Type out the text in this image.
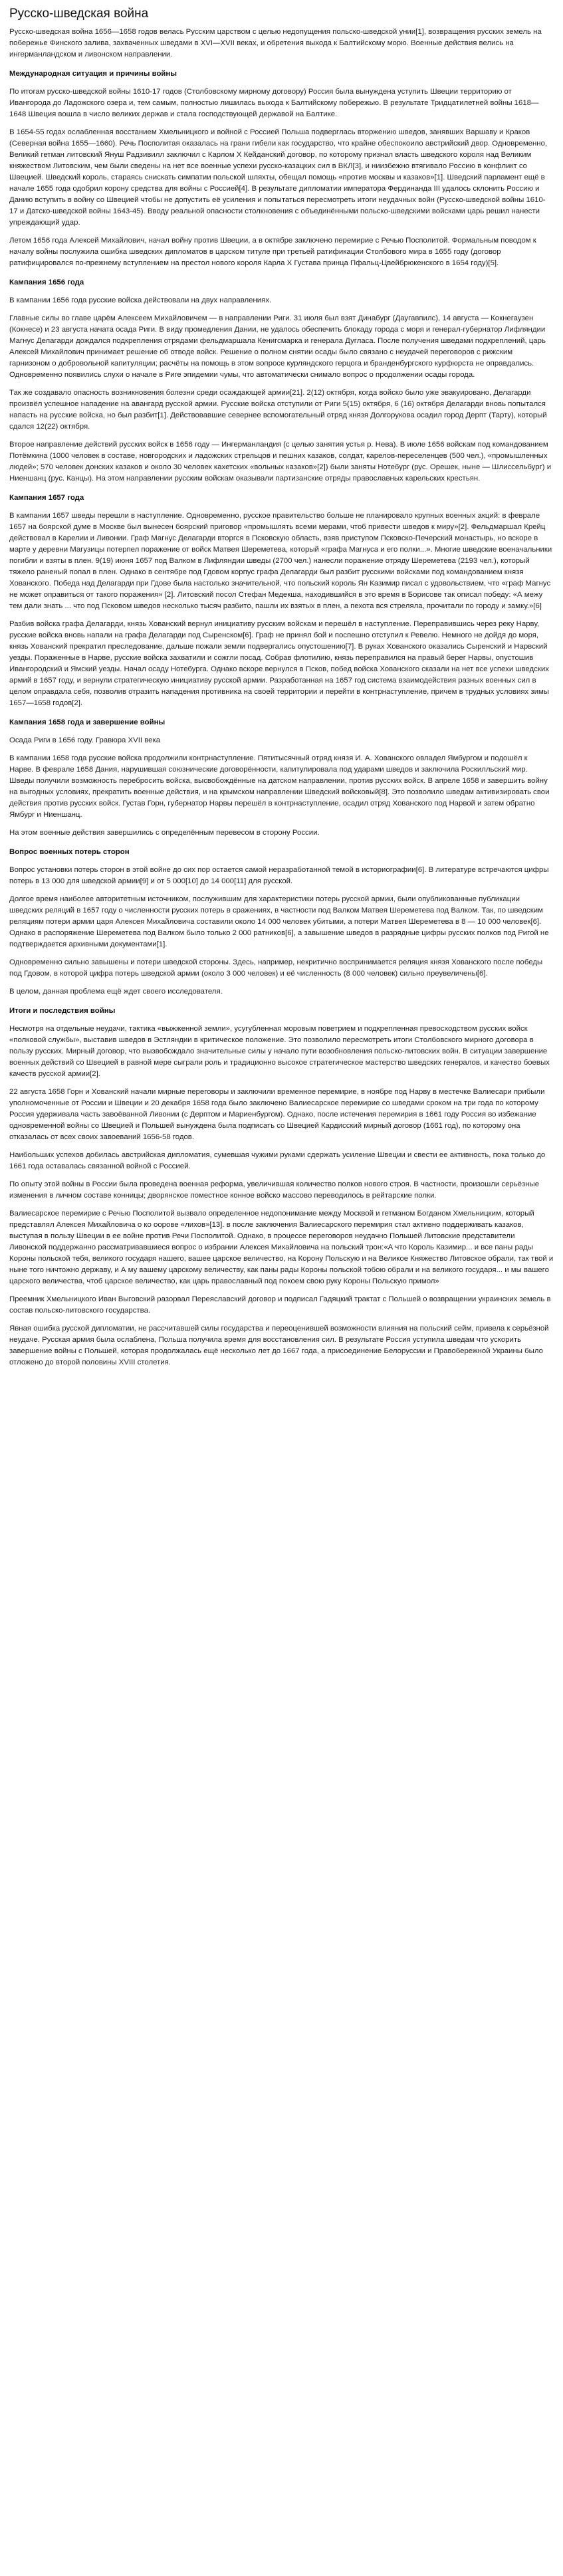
Русско-шведская война

Русско-шведская война 1656—1658 годов велась Русским царством с целью недопущения польско-шведской унии[1], возвращения русских земель на побережье Финского залива, захваченных шведами в XVI—XVII веках, и обретения выхода к Балтийскому морю. Военные действия велись на ингерманландском и ливонском направлении.

Международная ситуация и причины войны

По итогам русско-шведской войны 1610-17 годов (Столбовскому мирному договору) Россия была вынуждена уступить Швеции территорию от Ивангорода до Ладожского озера и, тем самым, полностью лишилась выхода к Балтийскому побережью. В результате Тридцатилетней войны 1618—1648 Швеция вошла в число великих держав и стала господствующей державой на Балтике.

В 1654-55 годах ослабленная восстанием Хмельницкого и войной с Россией Польша подверглась вторжению шведов, занявших Варшаву и Краков (Северная война 1655—1660). Речь Посполитая оказалась на грани гибели как государство, что крайне обеспокоило австрийский двор. Одновременно, Великий гетман литовский Януш Радзивилл заключил с Карлом X Кейданский договор, по которому признал власть шведского короля над Великим княжеством Литовским, чем были сведены на нет все военные успехи русско-казацких сил в ВКЛ[3], и ниизбежно втягивало Россию в конфликт со Швецией. Шведский король, стараясь снискать симпатии польской шляхты, обещал помощь «против москвы и казаков»[1]. Шведский парламент ещё в начале 1655 года одобрил корону средства для войны с Россией[4]. В результате дипломатии императора Фердинанда III удалось склонить Россию и Данию вступить в войну со Швецией чтобы не допустить её усиления и попытаться пересмотреть итоги неудачных войн (Русско-шведской войны 1610-17 и Датско-шведской войны 1643-45). Вводу реальной опасности столкновения с объединёнными польско-шведскими войсками царь решил нанести упреждающий удар.

Летом 1656 года Алексей Михайлович, начал войну против Швеции, а в октябре заключено перемирие с Речью Посполитой. Формальным поводом к началу войны послужила ошибка шведских дипломатов в царском титуле при третьей ратификации Столбового мира в 1655 году (договор ратифицировался по-прежнему вступлением на престол нового короля Карла X Густава принца Пфальц-Цвейбрюкенского в 1654 году)[5].

Кампания 1656 года

В кампании 1656 года русские войска действовали на двух направлениях.

Главные силы во главе царём Алексеем Михайловичем — в направлении Риги. 31 июля был взят Динабург (Даугавпилс), 14 августа — Кокнегаузен (Кокнесе) и 23 августа начата осада Риги. В виду промедления Дании, не удалось обеспечить блокаду города с моря и генерал-губернатор Лифляндии Магнус Делагарди дождался подкрепления отрядами фельдмаршала Кенигсмарка и генерала Дугласа. После получения шведами подкреплений, царь Алексей Михайлович принимает решение об отводе войск. Решение о полном снятии осады было связано с неудачей переговоров с рижским гарнизоном о добровольной капитуляции; расчёты на помощь в этом вопросе курляндского герцога и бранденбургского курфюрста не оправдались. Одновременно появились слухи о начале в Риге эпидемии чумы, что автоматически снимало вопрос о продолжении осады города.

Так же создавало опасность возникновения болезни среди осаждающей армии[21]. 2(12) октября, когда войско было уже эвакуировано, Делагарди произвёл успешное нападение на авангард русской армии. Русские войска отступили от Риги 5(15) октября, 6 (16) октября Делагарди вновь попытался напасть на русские войска, но был разбит[1]. Действовавшие севернее вспомогательный отряд князя Долгорукова осадил город Дерпт (Тарту), который сдался 12(22) октября.

Второе направление действий русских войск в 1656 году — Ингерманландия (с целью занятия устья р. Нева). В июле 1656 войскам под командованием Потёмкина (1000 человек в составе, новгородских и ладожских стрельцов и пешних казаков, солдат, карелов-переселенцев (500 чел.), «промышленных людей»; 570 человек донских казаков и около 30 человек кахетских «вольных казаков»[2]) были заняты Нотебург (рус. Орешек, ныне — Шлиссельбург) и Ниеншанц (рус. Канцы). На этом направлении русским войскам оказывали партизанские отряды православных карельских крестьян.

Кампания 1657 года

В кампании 1657 шведы перешли в наступление. Одновременно, русское правительство больше не планировало крупных военных акций: в феврале 1657 на боярской думе в Москве был вынесен боярский приговор «промышлять всеми мерами, чтоб привести шведов к миру»[2]. Фельдмаршал Крейц действовал в Карелии и Ливонии. Граф Магнус Делагарди вторгся в Псковскую область, взяв приступом Псковско-Печерский монастырь, но вскоре в марте у деревни Магузицы потерпел поражение от войск Матвея Шереметева, который «графа Магнуса и его полки...». Многие шведские военачальники погибли и взяты в плен. 9(19) июня 1657 под Валком в Лифляндии шведы (2700 чел.) нанесли поражение отряду Шереметева (2193 чел.), который тяжело раненый попал в плен. Однако в сентябре под Гдовом корпус графа Делагарди был разбит русскими войсками под командованием князя Хованского. Победа над Делагарди при Гдове была настолько значительной, что польский король Ян Казимир писал с удовольствием, что «граф Магнус не может оправиться от такого поражения» [2]. Литовский посол Стефан Медекша, находившийся в это время в Борисове так описал победу: «А межу тем дали знать ... что под Псковом шведов несколько тысяч разбито, пашли их взятых в плен, а пехота вся стреляла, прочитали по городу и замку.»[6]

Разбив войска графа Делагарди, князь Хованский вернул инициативу русским войскам и перешёл в наступление. Переправившись через реку Нарву, русские войска вновь напали на графа Делагарди под Сыренском[6]. Граф не принял бой и поспешно отступил к Ревелю. Немного не дойдя до моря, князь Хованский прекратил преследование, дальше пожали земли подвергались опустошению[7]. В руках Хованского оказались Сыренский и Нарвский уезды. Пораженные в Нарве, русские войска захватили и сожгли посад. Собрав флотилию, князь переправился на правый берег Нарвы, опустошив Ивангородский и Ямский уезды. Начал осаду Нотебурга. Однако вскоре вернулся в Псков, побед войска Хованского сказали на нет все успехи шведских армий в 1657 году, и вернули стратегическую инициативу русской армии. Разработанная на 1657 год система взаимодействия разных военных сил в целом оправдала себя, позволив отразить нападения противника на своей территории и перейти в контрнаступление, причем в трудных условиях зимы 1657—1658 годов[2].

Кампания 1658 года и завершение войны

Осада Риги в 1656 году. Гравюра XVII века

В кампании 1658 года русские войска продолжили контрнаступление. Пятитысячный отряд князя И. А. Хованского овладел Ямбургом и подошёл к Нарве. В феврале 1658 Дания, нарушившая союзнические договорённости, капитулировала под ударами шведов и заключила Роскилльский мир. Шведы получили возможность перебросить войска, высвобождённые на датском направлении, против русских войск. В апреле 1658 и завершить войну на выгодных условиях, прекратить военные действия, и на крымском направлении Шведский войсковый[8]. Это позволило шведам активизировать свои действия против русских войск. Густав Горн, губернатор Нарвы перешёл в контрнаступление, осадил отряд Хованского под Нарвой и затем обратно Ямбург и Ниеншанц.

На этом военные действия завершились с определённым перевесом в сторону России.

Вопрос военных потерь сторон

Вопрос установки потерь сторон в этой войне до сих пор остается самой неразработанной темой в историографии[6]. В литературе встречаются цифры потерь в 13 000 для шведской армии[9] и от 5 000[10] до 14 000[11] для русской.

Долгое время наиболее авторитетным источником, послужившим для характеристики потерь русской армии, были опубликованные публикации шведских реляций в 1657 году о численности русских потерь в сражениях, в частности под Валком Матвея Шереметева под Валком. Так, по шведским реляциям потери армии царя Алексея Михайловича составили около 14 000 человек убитыми, а потери Матвея Шереметева в 8 — 10 000 человек[6]. Однако в распоряжение Шереметева под Валком было только 2 000 ратников[6], а завышение шведов в разрядные цифры русских полков под Ригой не подтверждается архивными документами[1].

Одновременно сильно завышены и потери шведской стороны. Здесь, например, некритично воспринимается реляция князя Хованского после победы под Гдовом, в которой цифра потерь шведской армии (около 3 000 человек) и её численность (8 000 человек) сильно преувеличены[6].

В целом, данная проблема ещё ждет своего исследователя.

Итоги и последствия войны

Несмотря на отдельные неудачи, тактика «выжженной земли», усугубленная моровым поветрием и подкрепленная превосходством русских войск «полковой службы», выставив шведов в Эстляндии в критическое положение. Это позволило пересмотреть итоги Столбовского мирного договора в пользу русских. Мирный договор, что вызвобождало значительные силы у начало пути возобновления польско-литовских войн. В ситуации завершение военных действий со Швецией в равной мере сыграли роль и традиционно высокое стратегическое мастерство шведских генералов, и качество боевых качеств русской армии[2].

22 августа 1658 Горн и Хованский начали мирные переговоры и заключили временное перемирие, в ноябре под Нарву в местечке Валиесари прибыли уполномоченные от России и Швеции и 20 декабря 1658 года было заключено Валиесарское перемирие со шведами сроком на три года по которому Россия удерживала часть завоёванной Ливонии (с Дерптом и Мариенбургом). Однако, после истечения перемирия в 1661 году Россия во избежание одновременной войны со Швецией и Польшей вынуждена была подписать со Швецией Кардисский мирный договор (1661 год), по которому она отказалась от всех своих завоеваний 1656-58 годов.

Наибольших успехов добилась австрийская дипломатия, сумевшая чужими руками сдержать усиление Швеции и свести ее активность, пока только до 1661 года оставалась связанной войной с Россией.

По опыту этой войны в России была проведена военная реформа, увеличившая количество полков нового строя. В частности, произошли серьёзные изменения в личном составе конницы; дворянское поместное конное войско массово переводилось в рейтарские полки.

Валиесарское перемирие с Речью Посполитой вызвало определенное недопонимание между Москвой и гетманом Богданом Хмельницким, который представлял Алексея Михайловича о ко оорове «лихов»[13]. в после заключения Валиесарского перемирия стал активно поддерживать казаков, выступая в пользу Швеции в ее войне против Речи Посполитой. Однако, в процессе переговоров неудачно Польшей Литовские представители Ливонской поддержанно рассматривавшиеся вопрос о избрании Алексея Михайловича на польский трон:«А что Король Казимир... и все паны рады Короны польской тебя, великого государя нашего, вашее царское величество, на Корону Польскую и на Великое Княжество Литовское обрали, так твой и ныне того ничтожно державу, и А му вашему царскому величеству, как паны рады Короны польской тобою обрали и на великого государя... и мы вашего царского величества, чтоб царское величество, как царь православный под покоем свою руку Короны Польскую примол»

Преемник Хмельницкого Иван Выговский разорвал Переяславский договор и подписал Гадяцкий трактат с Польшей о возвращении украинских земель в состав польско-литовского государства.

Явная ошибка русской дипломатии, не рассчитавшей силы государства и переоценившей возможности влияния на польский сейм, привела к серьёзной неудаче. Русская армия была ослаблена, Польша получила время для восстановления сил. В результате Россия уступила шведам что ускорить завершение войны с Польшей, которая продолжалась ещё несколько лет до 1667 года, а присоединение Белоруссии и Правобережной Украины было отложено до второй половины XVIII столетия.
